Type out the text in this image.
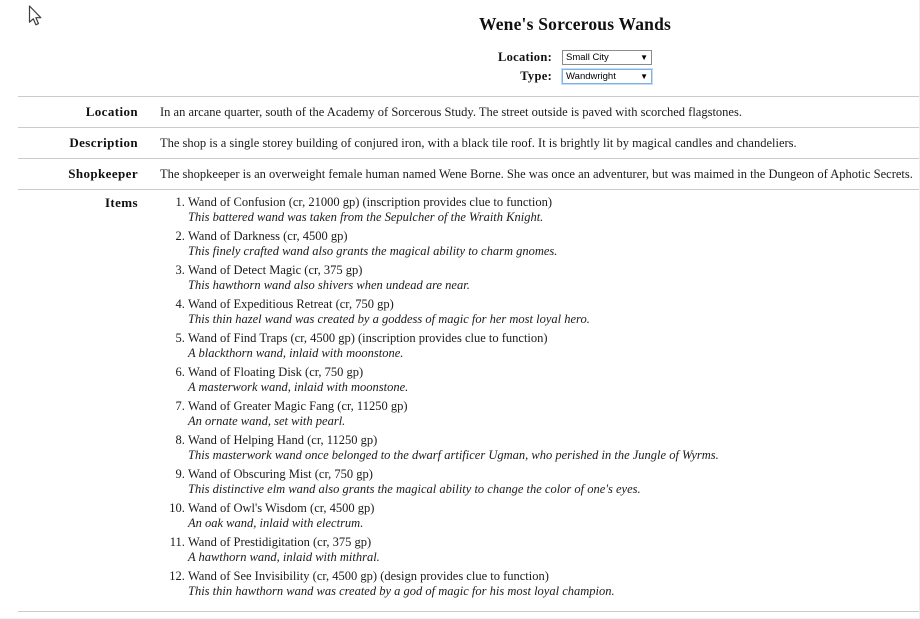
Wene's Sorcerous Wands
Location:	Small City	▼
Type:	Wandwright	▼
Location	In an arcane quarter, south of the Academy of Sorcerous Study. The street outside is paved with scorched flagstones.
Description	The shop is a single storey building of conjured iron, with a black tile roof. It is brightly lit by magical candles and chandeliers.
Shopkeeper	The shopkeeper is an overweight female human named Wene Borne. She was once an adventurer, but was maimed in the Dungeon of Aphotic Secrets.
Items	1. Wand of Confusion (cr, 21000 gp) (inscription provides clue to function)
This battered wand was taken from the Sepulcher of the Wraith Knight.
2. Wand of Darkness (cr, 4500 gp)
This finely crafted wand also grants the magical ability to charm gnomes.
3. Wand of Detect Magic (cr, 375 gp)
This hawthorn wand also shivers when undead are near.
4. Wand of Expeditious Retreat (cr, 750 gp)
This thin hazel wand was created by a goddess of magic for her most loyal hero.
5. Wand of Find Traps (cr, 4500 gp) (inscription provides clue to function)
A blackthorn wand, inlaid with moonstone.
6. Wand of Floating Disk (cr, 750 gp)
A masterwork wand, inlaid with moonstone.
7. Wand of Greater Magic Fang (cr, 11250 gp)
An ornate wand, set with pearl.
8. Wand of Helping Hand (cr, 11250 gp)
This masterwork wand once belonged to the dwarf artificer Ugman, who perished in the Jungle of Wyrms.
9. Wand of Obscuring Mist (cr, 750 gp)
This distinctive elm wand also grants the magical ability to change the color of one's eyes.
10. Wand of Owl's Wisdom (cr, 4500 gp)
An oak wand, inlaid with electrum.
11. Wand of Prestidigitation (cr, 375 gp)
A hawthorn wand, inlaid with mithral.
12. Wand of See Invisibility (cr, 4500 gp) (design provides clue to function)
This thin hawthorn wand was created by a god of magic for his most loyal champion.
